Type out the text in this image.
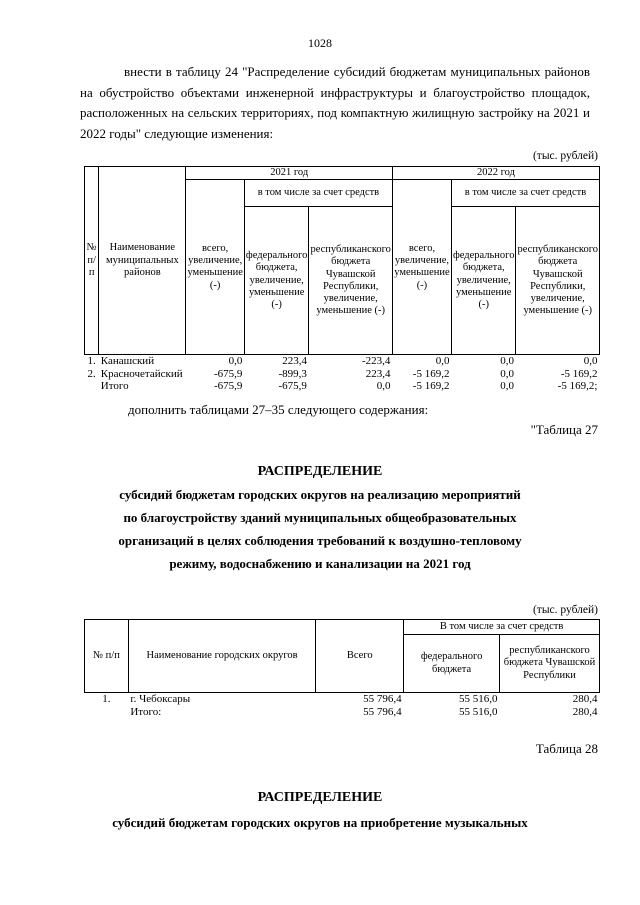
1028
внести в таблицу 24 "Распределение субсидий бюджетам муниципальных районов на обустройство объектами инженерной инфраструктуры и благоустройство площадок, расположенных на сельских территориях, под компактную жилищную застройку на 2021 и 2022 годы" следующие изменения:
(тыс. рублей)
№ п/п	Наименование муниципальных районов	2021 год			2022 год		
		всего, увеличение, уменьшение (-)	в том числе за счет средств		всего, увеличение, уменьшение (-)	в том числе за счет средств	
			федерального бюджета, увеличение, уменьшение (-)	республиканского бюджета Чувашской Республики, увеличение, уменьшение (-)		федерального бюджета, увеличение, уменьшение (-)	республиканского бюджета Чувашской Республики, увеличение, уменьшение (-)
1.	Канашский	0,0	223,4	-223,4	0,0	0,0	0,0
2.	Красночетайский	-675,9	-899,3	223,4	-5 169,2	0,0	-5 169,2
	Итого	-675,9	-675,9	0,0	-5 169,2	0,0	-5 169,2;
дополнить таблицами 27–35 следующего содержания:
"Таблица 27
РАСПРЕДЕЛЕНИЕ
субсидий бюджетам городских округов на реализацию мероприятий
по благоустройству зданий муниципальных общеобразовательных
организаций в целях соблюдения требований к воздушно-тепловому
режиму, водоснабжению и канализации на 2021 год
(тыс. рублей)
№ п/п	Наименование городских округов	Всего	В том числе за счет средств	
			федерального бюджета	республиканского бюджета Чувашской Республики
1.	г. Чебоксары	55 796,4	55 516,0	280,4
	Итого:	55 796,4	55 516,0	280,4
Таблица 28
РАСПРЕДЕЛЕНИЕ
субсидий бюджетам городских округов на приобретение музыкальных
